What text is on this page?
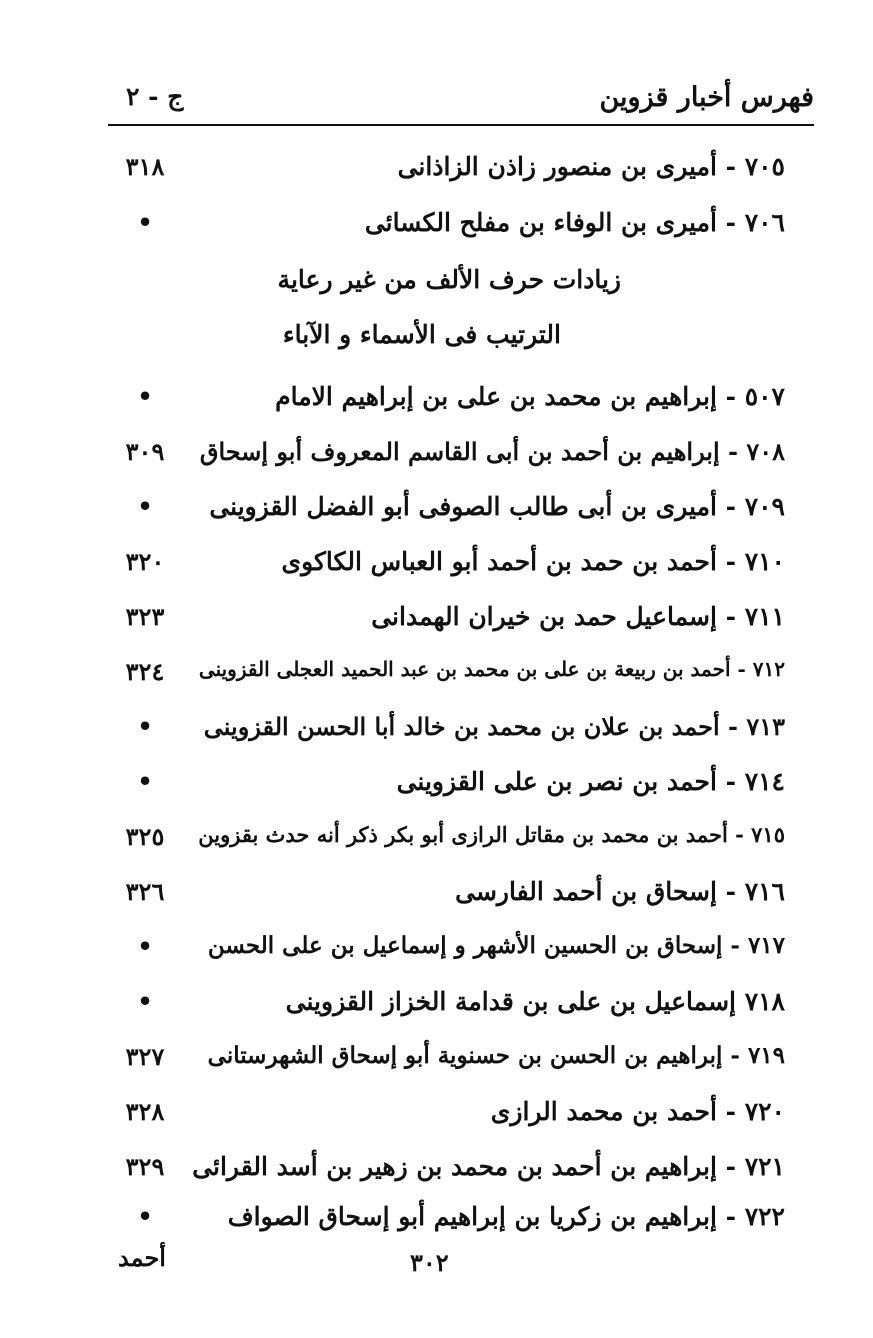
فهرس أخبار قزوين
ج - ٢
٧٠٥ - أميرى بن منصور زاذن الزاذانى
٣١٨
٧٠٦ - أميرى بن الوفاء بن مفلح الكسائى
•
زيادات حرف الألف من غير رعاية
الترتيب فى الأسماء و الآباء
٥٠٧ - إبراهيم بن محمد بن على بن إبراهيم الامام
•
٧٠٨ - إبراهيم بن أحمد بن أبى القاسم المعروف أبو إسحاق
٣٠٩
٧٠٩ - أميرى بن أبى طالب الصوفى أبو الفضل القزوينى
•
٧١٠ - أحمد بن حمد بن أحمد أبو العباس الكاكوى
٣٢٠
٧١١ - إسماعيل حمد بن خيران الهمدانى
٣٢٣
٧١٢ - أحمد بن ربيعة بن على بن محمد بن عبد الحميد العجلى القزوينى
٣٢٤
٧١٣ - أحمد بن علان بن محمد بن خالد أبا الحسن القزوينى
•
٧١٤ - أحمد بن نصر بن على القزوينى
•
٧١٥ - أحمد بن محمد بن مقاتل الرازى أبو بكر ذكر أنه حدث بقزوين
٣٢٥
٧١٦ - إسحاق بن أحمد الفارسى
٣٢٦
٧١٧ - إسحاق بن الحسين الأشهر و إسماعيل بن على الحسن
•
٧١٨ إسماعيل بن على بن قدامة الخزاز القزوينى
•
٧١٩ - إبراهيم بن الحسن بن حسنوية أبو إسحاق الشهرستانى
٣٢٧
٧٢٠ - أحمد بن محمد الرازى
٣٢٨
٧٢١ - إبراهيم بن أحمد بن محمد بن زهير بن أسد القرائى
٣٢٩
٧٢٢ - إبراهيم بن زكريا بن إبراهيم أبو إسحاق الصواف
•
٣٠٢
أحمد
